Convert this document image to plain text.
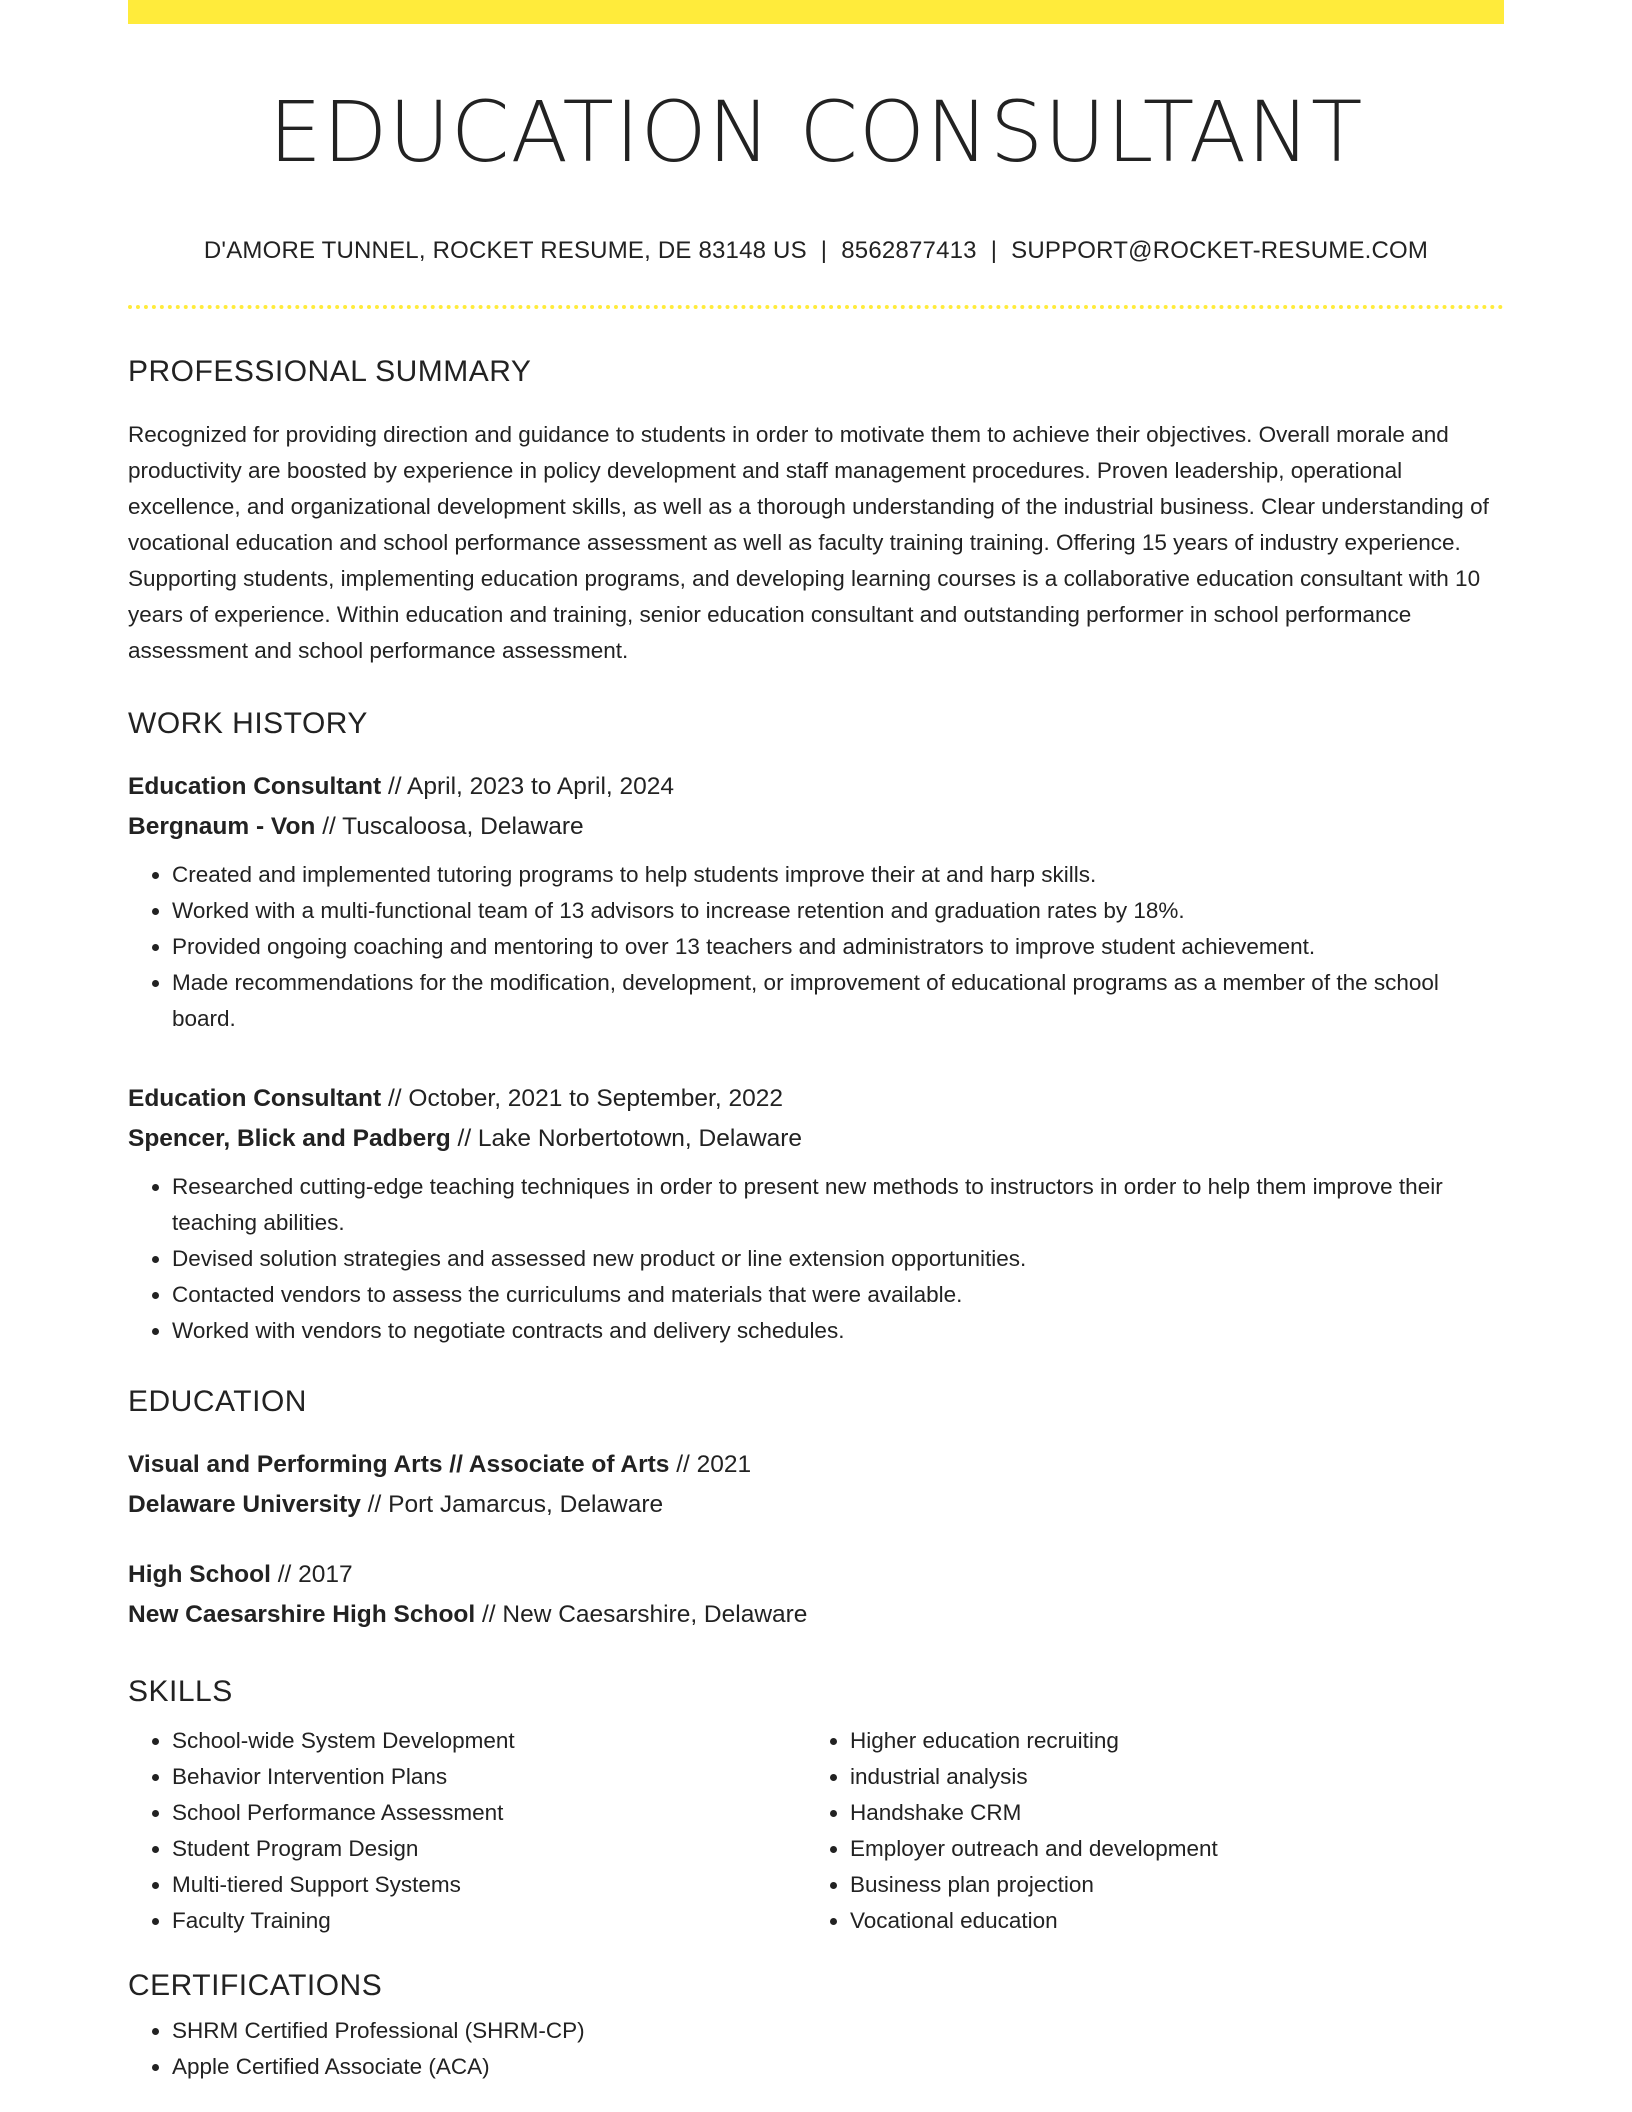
EDUCATION CONSULTANT
D'AMORE TUNNEL, ROCKET RESUME, DE 83148 US | 8562877413 | SUPPORT@ROCKET-RESUME.COM
PROFESSIONAL SUMMARY
Recognized for providing direction and guidance to students in order to motivate them to achieve their objectives. Overall morale and productivity are boosted by experience in policy development and staff management procedures. Proven leadership, operational excellence, and organizational development skills, as well as a thorough understanding of the industrial business. Clear understanding of vocational education and school performance assessment as well as faculty training training. Offering 15 years of industry experience. Supporting students, implementing education programs, and developing learning courses is a collaborative education consultant with 10 years of experience. Within education and training, senior education consultant and outstanding performer in school performance assessment and school performance assessment.
WORK HISTORY
Education Consultant // April, 2023 to April, 2024
Bergnaum - Von // Tuscaloosa, Delaware
• Created and implemented tutoring programs to help students improve their at and harp skills.
• Worked with a multi-functional team of 13 advisors to increase retention and graduation rates by 18%.
• Provided ongoing coaching and mentoring to over 13 teachers and administrators to improve student achievement.
• Made recommendations for the modification, development, or improvement of educational programs as a member of the school board.
Education Consultant // October, 2021 to September, 2022
Spencer, Blick and Padberg // Lake Norbertotown, Delaware
• Researched cutting-edge teaching techniques in order to present new methods to instructors in order to help them improve their teaching abilities.
• Devised solution strategies and assessed new product or line extension opportunities.
• Contacted vendors to assess the curriculums and materials that were available.
• Worked with vendors to negotiate contracts and delivery schedules.
EDUCATION
Visual and Performing Arts // Associate of Arts // 2021
Delaware University // Port Jamarcus, Delaware
High School // 2017
New Caesarshire High School // New Caesarshire, Delaware
SKILLS
• School-wide System Development
• Behavior Intervention Plans
• School Performance Assessment
• Student Program Design
• Multi-tiered Support Systems
• Faculty Training
• Higher education recruiting
• industrial analysis
• Handshake CRM
• Employer outreach and development
• Business plan projection
• Vocational education
CERTIFICATIONS
• SHRM Certified Professional (SHRM-CP)
• Apple Certified Associate (ACA)
